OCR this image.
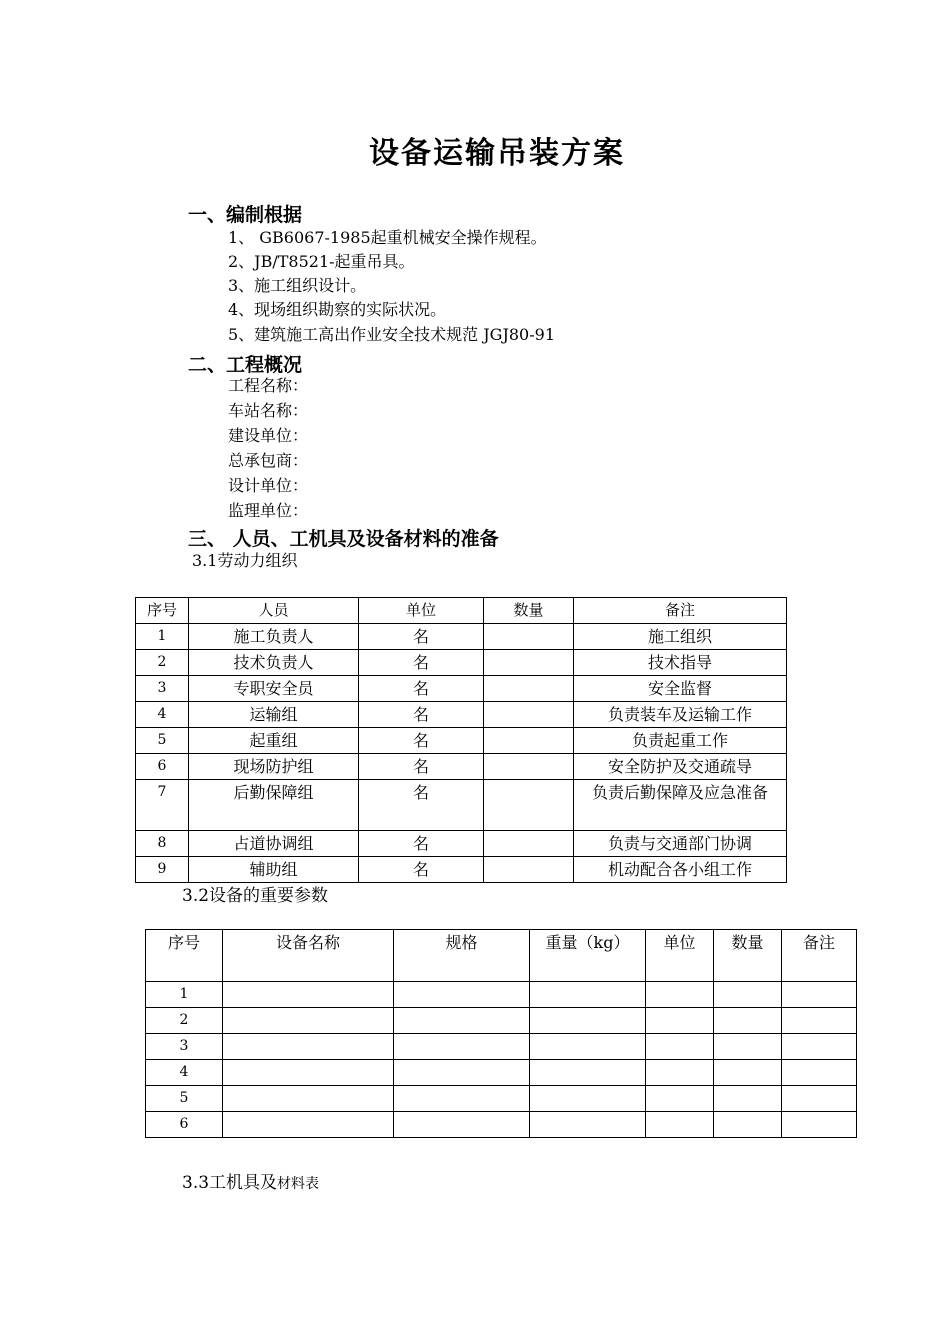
设备运输吊装方案
一、编制根据
1、 GB6067-1985起重机械安全操作规程。
2、JB/T8521-起重吊具。
3、施工组织设计。
4、现场组织勘察的实际状况。
5、建筑施工高出作业安全技术规范 JGJ80-91
二、工程概况
工程名称：
车站名称：
建设单位：
总承包商：
设计单位：
监理单位：
三、 人员、工机具及设备材料的准备
3.1劳动力组织
序号	人员	单位	数量	备注
1	施工负责人	名		施工组织
2	技术负责人	名		技术指导
3	专职安全员	名		安全监督
4	运输组	名		负责装车及运输工作
5	起重组	名		负责起重工作
6	现场防护组	名		安全防护及交通疏导
7	后勤保障组	名		负责后勤保障及应急准备
8	占道协调组	名		负责与交通部门协调
9	辅助组	名		机动配合各小组工作
3.2设备的重要参数
序号	设备名称	规格	重量（kg）	单位	数量	备注
1						
2						
3						
4						
5						
6						
3.3工机具及材料表
